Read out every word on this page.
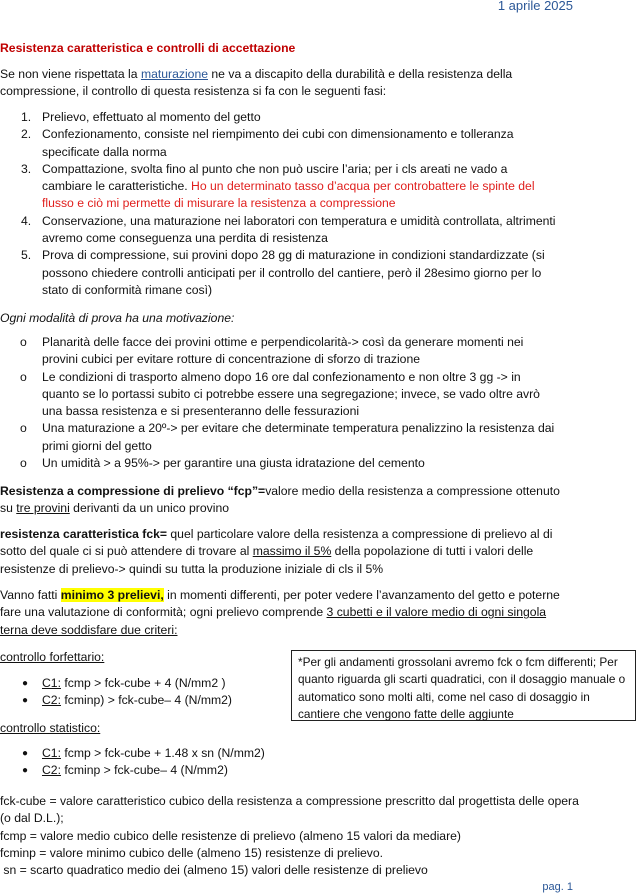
1 aprile 2025
Resistenza caratteristica e controlli di accettazione
Se non viene rispettata la maturazione ne va a discapito della durabilità e della resistenza della compressione, il controllo di questa resistenza si fa con le seguenti fasi:
1. Prelievo, effettuato al momento del getto
2. Confezionamento, consiste nel riempimento dei cubi con dimensionamento e tolleranza specificate dalla norma
3. Compattazione, svolta fino al punto che non può uscire l’aria; per i cls areati ne vado a cambiare le caratteristiche. Ho un determinato tasso d’acqua per controbattere le spinte del flusso e ciò mi permette di misurare la resistenza a compressione
4. Conservazione, una maturazione nei laboratori con temperatura e umidità controllata, altrimenti avremo come conseguenza una perdita di resistenza
5. Prova di compressione, sui provini dopo 28 gg di maturazione in condizioni standardizzate (si possono chiedere controlli anticipati per il controllo del cantiere, però il 28esimo giorno per lo stato di conformità rimane così)
Ogni modalità di prova ha una motivazione:
o Planarità delle facce dei provini ottime e perpendicolarità-> così da generare momenti nei provini cubici per evitare rotture di concentrazione di sforzo di trazione
o Le condizioni di trasporto almeno dopo 16 ore dal confezionamento e non oltre 3 gg -> in quanto se lo portassi subito ci potrebbe essere una segregazione; invece, se vado oltre avrò una bassa resistenza e si presenteranno delle fessurazioni
o Una maturazione a 20º-> per evitare che determinate temperatura penalizzino la resistenza dai primi giorni del getto
o Un umidità > a 95%-> per garantire una giusta idratazione del cemento
Resistenza a compressione di prelievo “fcp”=valore medio della resistenza a compressione ottenuto su tre provini derivanti da un unico provino
resistenza caratteristica fck= quel particolare valore della resistenza a compressione di prelievo al di sotto del quale ci si può attendere di trovare al massimo il 5% della popolazione di tutti i valori delle resistenze di prelievo-> quindi su tutta la produzione iniziale di cls il 5%
Vanno fatti minimo 3 prelievi, in momenti differenti, per poter vedere l’avanzamento del getto e poterne fare una valutazione di conformità; ogni prelievo comprende 3 cubetti e il valore medio di ogni singola terna deve soddisfare due criteri:
controllo forfettario:
● C1: fcmp > fck-cube + 4 (N/mm2 )
● C2: fcminp) > fck-cube– 4 (N/mm2)
*Per gli andamenti grossolani avremo fck o fcm differenti; Per quanto riguarda gli scarti quadratici, con il dosaggio manuale o automatico sono molti alti, come nel caso di dosaggio in cantiere che vengono fatte delle aggiunte
controllo statistico:
● C1: fcmp > fck-cube + 1.48 x sn (N/mm2)
● C2: fcminp > fck-cube– 4 (N/mm2)
fck-cube = valore caratteristico cubico della resistenza a compressione prescritto dal progettista delle opera (o dal D.L.);
fcmp = valore medio cubico delle resistenze di prelievo (almeno 15 valori da mediare)
fcminp = valore minimo cubico delle (almeno 15) resistenze di prelievo.
sn = scarto quadratico medio dei (almeno 15) valori delle resistenze di prelievo
pag. 1
